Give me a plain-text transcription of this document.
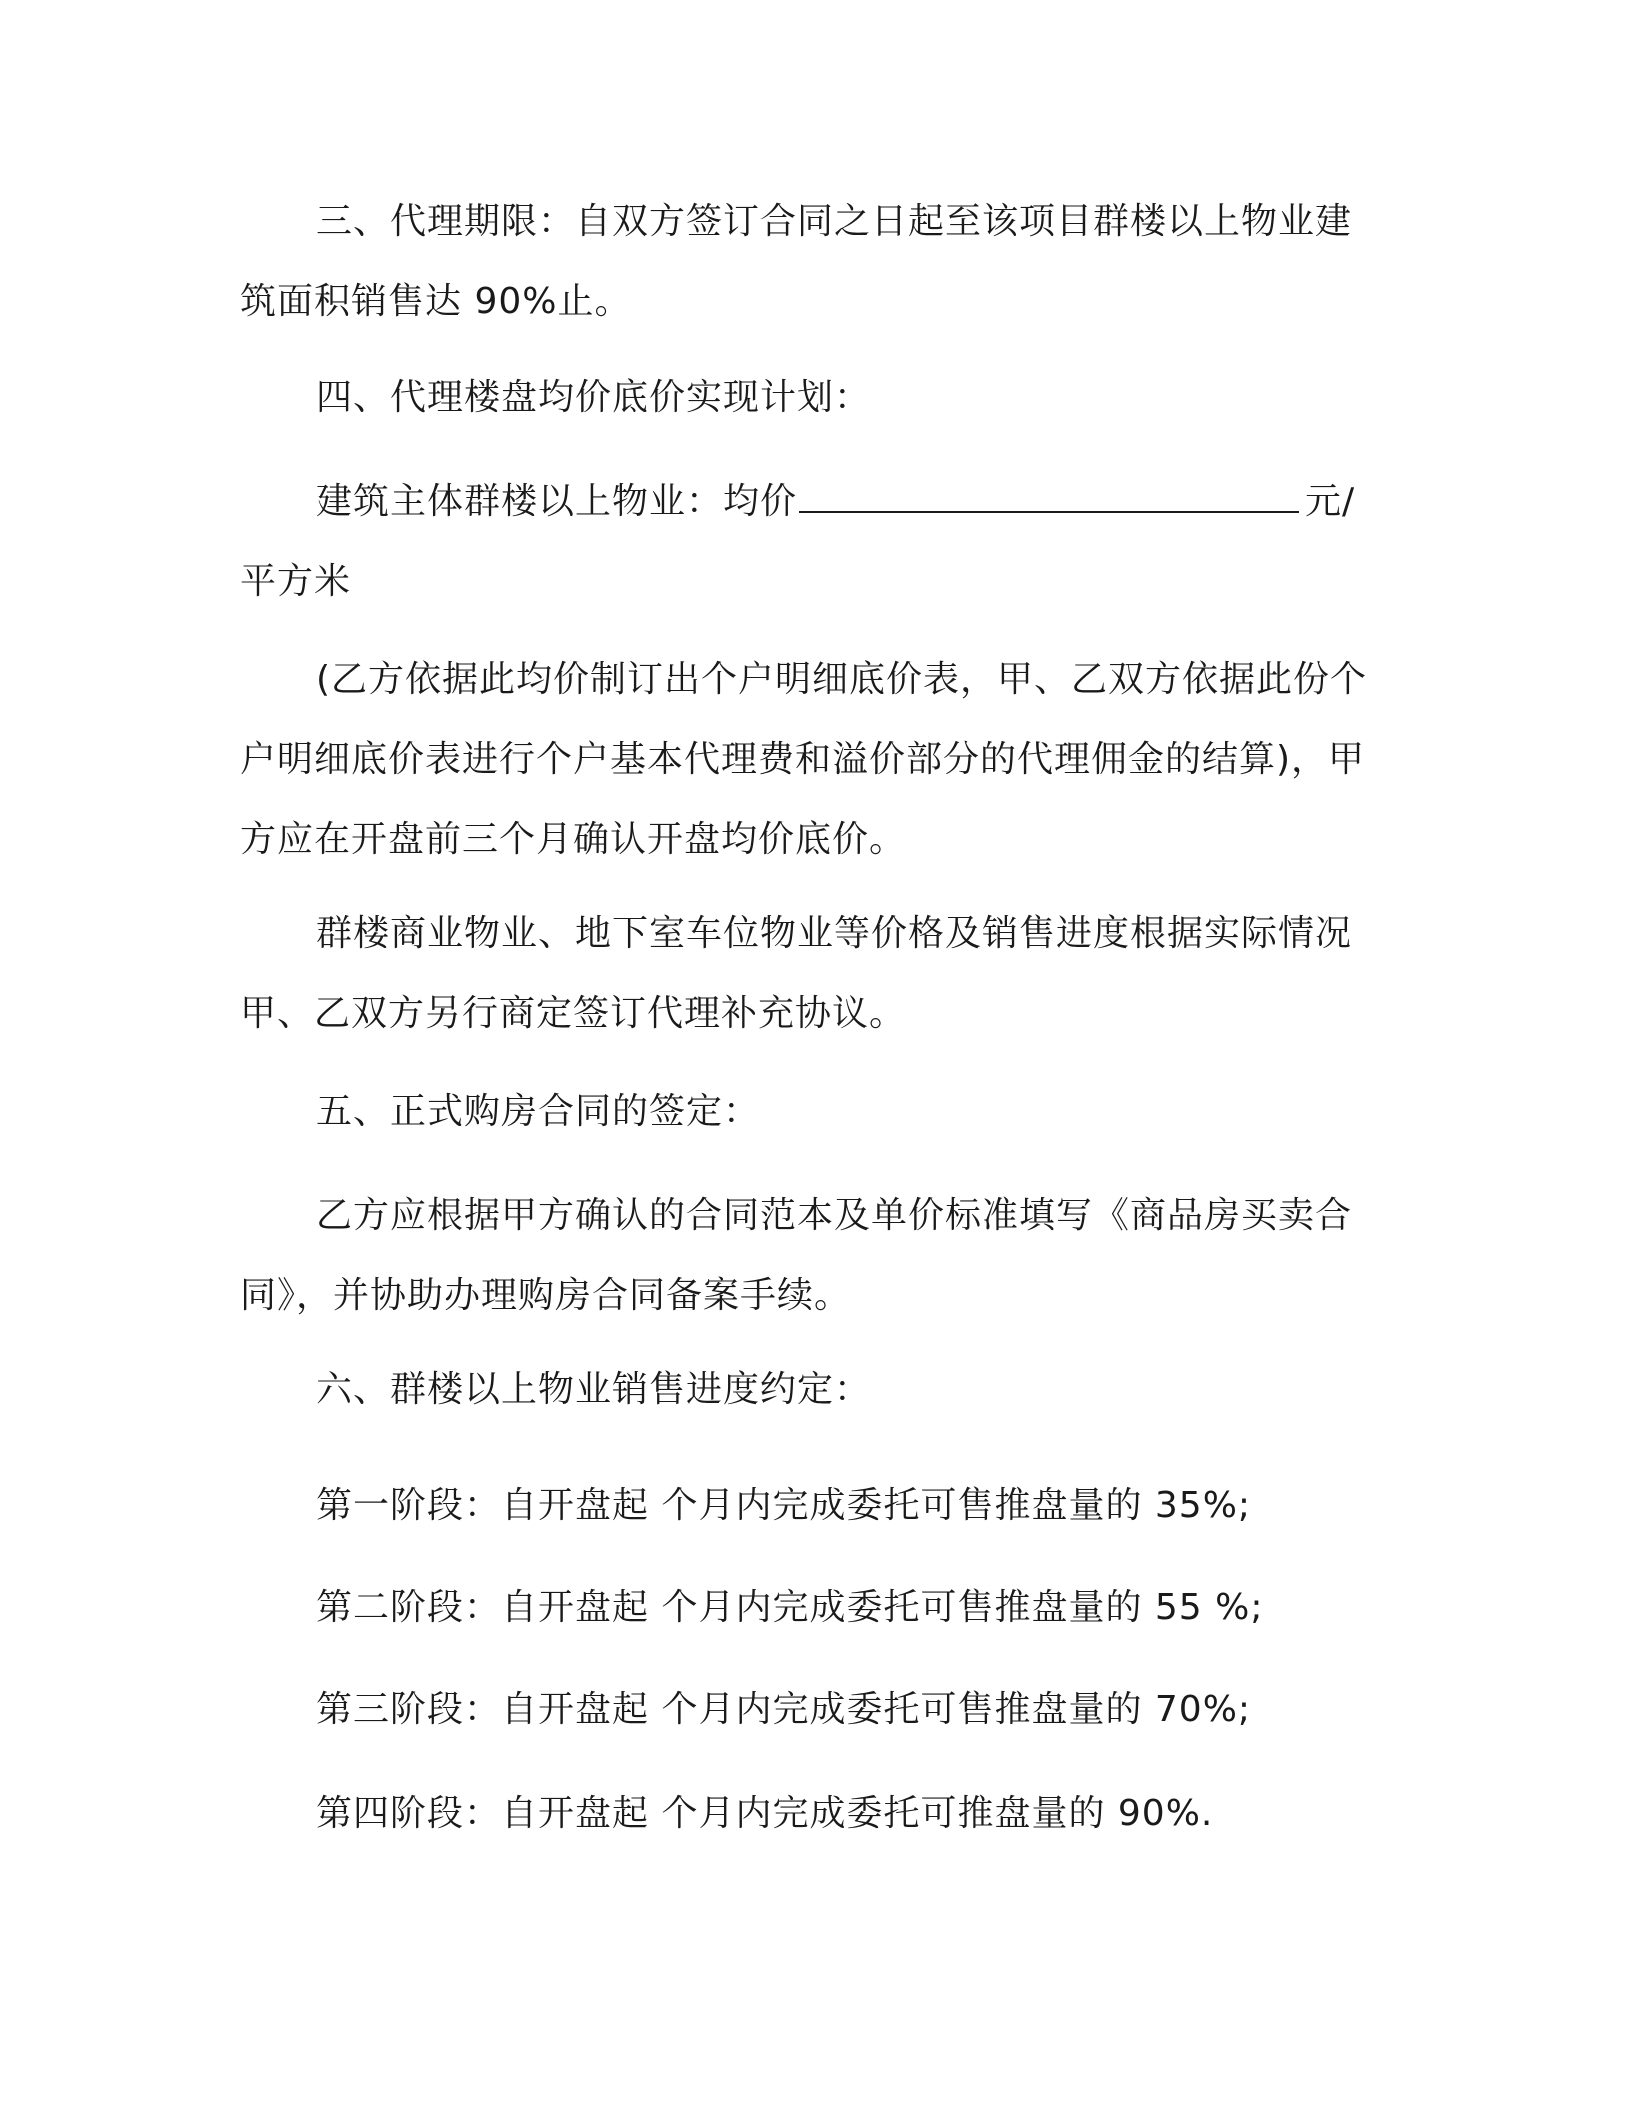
三、代理期限：自双方签订合同之日起至该项目群楼以上物业建筑面积销售达 90%止。

四、代理楼盘均价底价实现计划：

建筑主体群楼以上物业：均价	元/平方米

(乙方依据此均价制订出个户明细底价表，甲、乙双方依据此份个户明细底价表进行个户基本代理费和溢价部分的代理佣金的结算)，甲方应在开盘前三个月确认开盘均价底价。

群楼商业物业、地下室车位物业等价格及销售进度根据实际情况甲、乙双方另行商定签订代理补充协议。

五、正式购房合同的签定：

乙方应根据甲方确认的合同范本及单价标准填写《商品房买卖合同》，并协助办理购房合同备案手续。

六、群楼以上物业销售进度约定：

第一阶段：自开盘起 个月内完成委托可售推盘量的 35%;

第二阶段：自开盘起 个月内完成委托可售推盘量的 55 %;

第三阶段：自开盘起 个月内完成委托可售推盘量的 70%;

第四阶段：自开盘起 个月内完成委托可推盘量的 90%.
